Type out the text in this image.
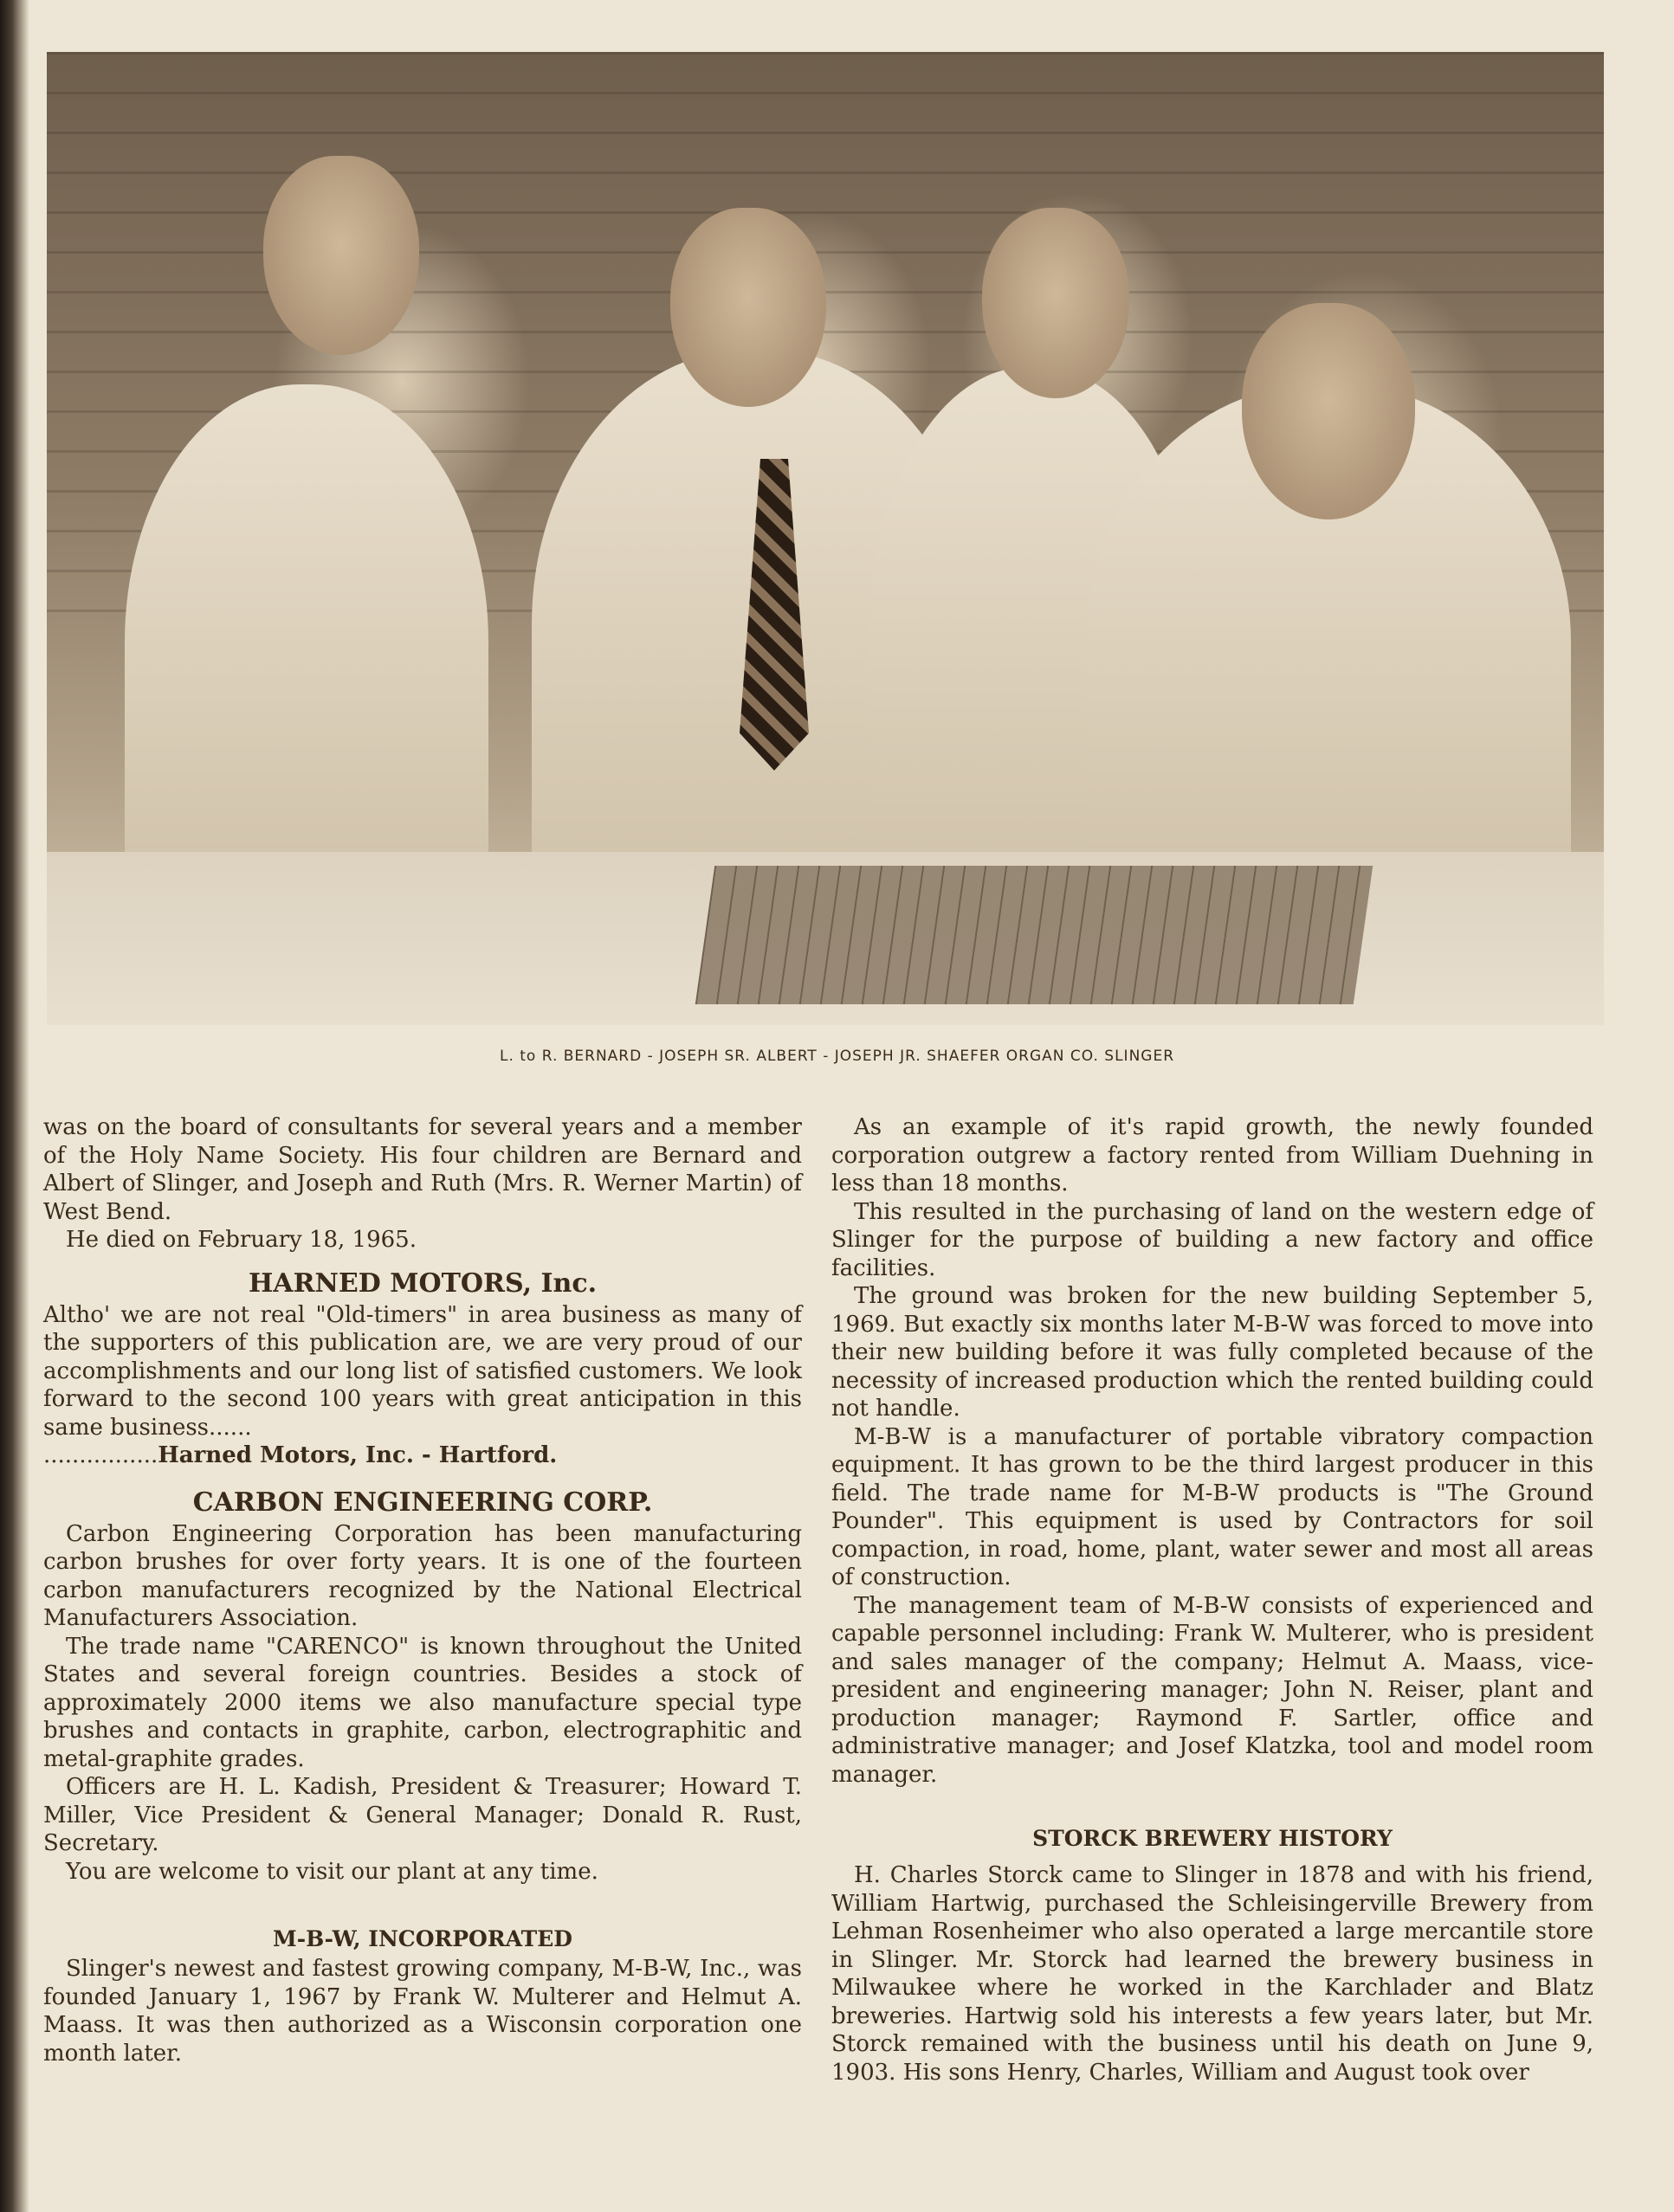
L. to R. BERNARD - JOSEPH SR. ALBERT - JOSEPH JR. SHAEFER ORGAN CO. SLINGER

was on the board of consultants for several years and a member of the Holy Name Society. His four children are Bernard and Albert of Slinger, and Joseph and Ruth (Mrs. R. Werner Martin) of West Bend.

He died on February 18, 1965.

HARNED MOTORS, Inc.

Altho' we are not real "Old-timers" in area business as many of the supporters of this publication are, we are very proud of our accomplishments and our long list of satisfied customers. We look forward to the second 100 years with great anticipation in this same business......

................Harned Motors, Inc. - Hartford.

CARBON ENGINEERING CORP.

Carbon Engineering Corporation has been manufacturing carbon brushes for over forty years. It is one of the fourteen carbon manufacturers recognized by the National Electrical Manufacturers Association.

The trade name "CARENCO" is known throughout the United States and several foreign countries. Besides a stock of approximately 2000 items we also manufacture special type brushes and contacts in graphite, carbon, electrographitic and metal-graphite grades.

Officers are H. L. Kadish, President & Treasurer; Howard T. Miller, Vice President & General Manager; Donald R. Rust, Secretary.

You are welcome to visit our plant at any time.

M-B-W, INCORPORATED

Slinger's newest and fastest growing company, M-B-W, Inc., was founded January 1, 1967 by Frank W. Multerer and Helmut A. Maass. It was then authorized as a Wisconsin corporation one month later.

As an example of it's rapid growth, the newly founded corporation outgrew a factory rented from William Duehning in less than 18 months.

This resulted in the purchasing of land on the western edge of Slinger for the purpose of building a new factory and office facilities.

The ground was broken for the new building September 5, 1969. But exactly six months later M-B-W was forced to move into their new building before it was fully completed because of the necessity of increased production which the rented building could not handle.

M-B-W is a manufacturer of portable vibratory compaction equipment. It has grown to be the third largest producer in this field. The trade name for M-B-W products is "The Ground Pounder". This equipment is used by Contractors for soil compaction, in road, home, plant, water sewer and most all areas of construction.

The management team of M-B-W consists of experienced and capable personnel including: Frank W. Multerer, who is president and sales manager of the company; Helmut A. Maass, vice-president and engineering manager; John N. Reiser, plant and production manager; Raymond F. Sartler, office and administrative manager; and Josef Klatzka, tool and model room manager.

STORCK BREWERY HISTORY

H. Charles Storck came to Slinger in 1878 and with his friend, William Hartwig, purchased the Schleisingerville Brewery from Lehman Rosenheimer who also operated a large mercantile store in Slinger. Mr. Storck had learned the brewery business in Milwaukee where he worked in the Karchlader and Blatz breweries. Hartwig sold his interests a few years later, but Mr. Storck remained with the business until his death on June 9, 1903. His sons Henry, Charles, William and August took over
